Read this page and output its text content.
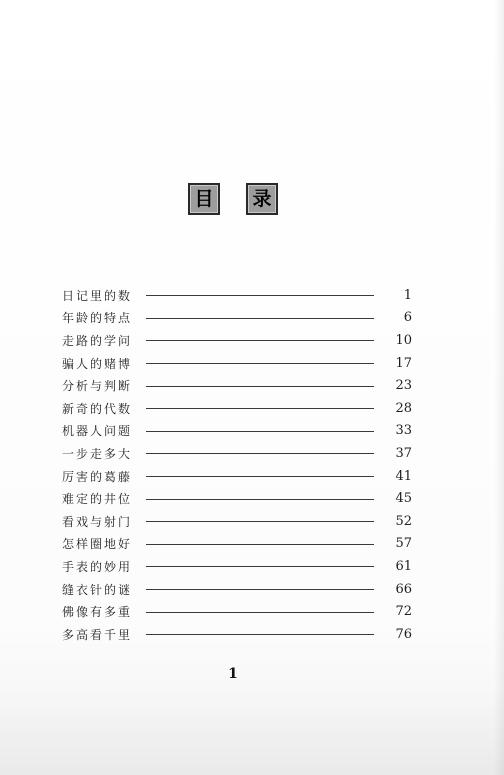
目	录
日记里的数	1
年龄的特点	6
走路的学问	10
骗人的赌博	17
分析与判断	23
新奇的代数	28
机器人问题	33
一步走多大	37
厉害的葛藤	41
难定的井位	45
看戏与射门	52
怎样圈地好	57
手表的妙用	61
缝衣针的谜	66
佛像有多重	72
多高看千里	76
1
